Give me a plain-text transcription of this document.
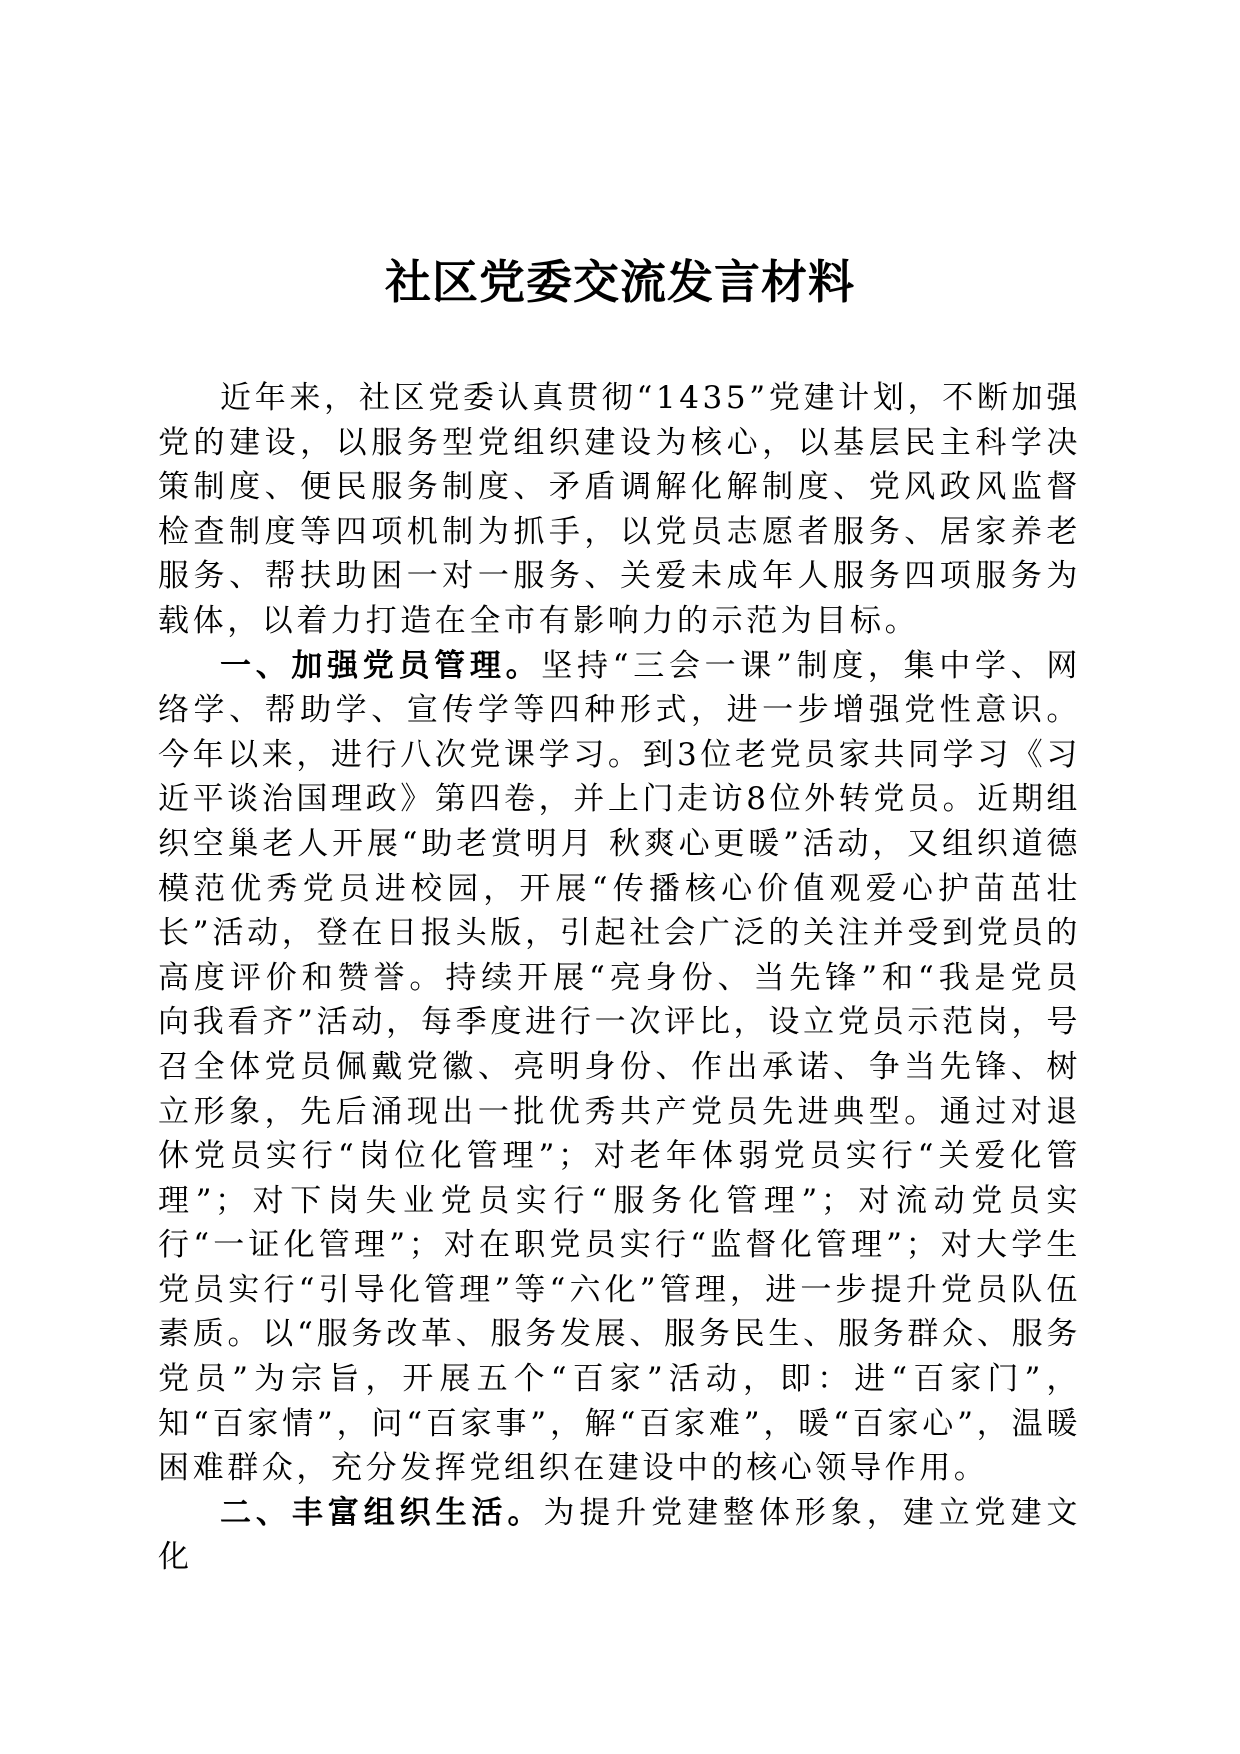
社区党委交流发言材料

近年来，社区党委认真贯彻“1435”党建计划，不断加强党的建设，以服务型党组织建设为核心，以基层民主科学决策制度、便民服务制度、矛盾调解化解制度、党风政风监督检查制度等四项机制为抓手，以党员志愿者服务、居家养老服务、帮扶助困一对一服务、关爱未成年人服务四项服务为载体，以着力打造在全市有影响力的示范为目标。

一、加强党员管理。坚持“三会一课”制度，集中学、网络学、帮助学、宣传学等四种形式，进一步增强党性意识。今年以来，进行八次党课学习。到3位老党员家共同学习《习近平谈治国理政》第四卷，并上门走访8位外转党员。近期组织空巢老人开展“助老赏明月 秋爽心更暖”活动，又组织道德模范优秀党员进校园，开展“传播核心价值观爱心护苗茁壮长”活动，登在日报头版，引起社会广泛的关注并受到党员的高度评价和赞誉。持续开展“亮身份、当先锋”和“我是党员向我看齐”活动，每季度进行一次评比，设立党员示范岗，号召全体党员佩戴党徽、亮明身份、作出承诺、争当先锋、树立形象，先后涌现出一批优秀共产党员先进典型。通过对退休党员实行“岗位化管理”；对老年体弱党员实行“关爱化管理”；对下岗失业党员实行“服务化管理”；对流动党员实行“一证化管理”；对在职党员实行“监督化管理”；对大学生党员实行“引导化管理”等“六化”管理，进一步提升党员队伍素质。以“服务改革、服务发展、服务民生、服务群众、服务党员”为宗旨，开展五个“百家”活动，即：进“百家门”，知“百家情”，问“百家事”，解“百家难”，暖“百家心”，温暖困难群众，充分发挥党组织在建设中的核心领导作用。

二、丰富组织生活。为提升党建整体形象，建立党建文化
